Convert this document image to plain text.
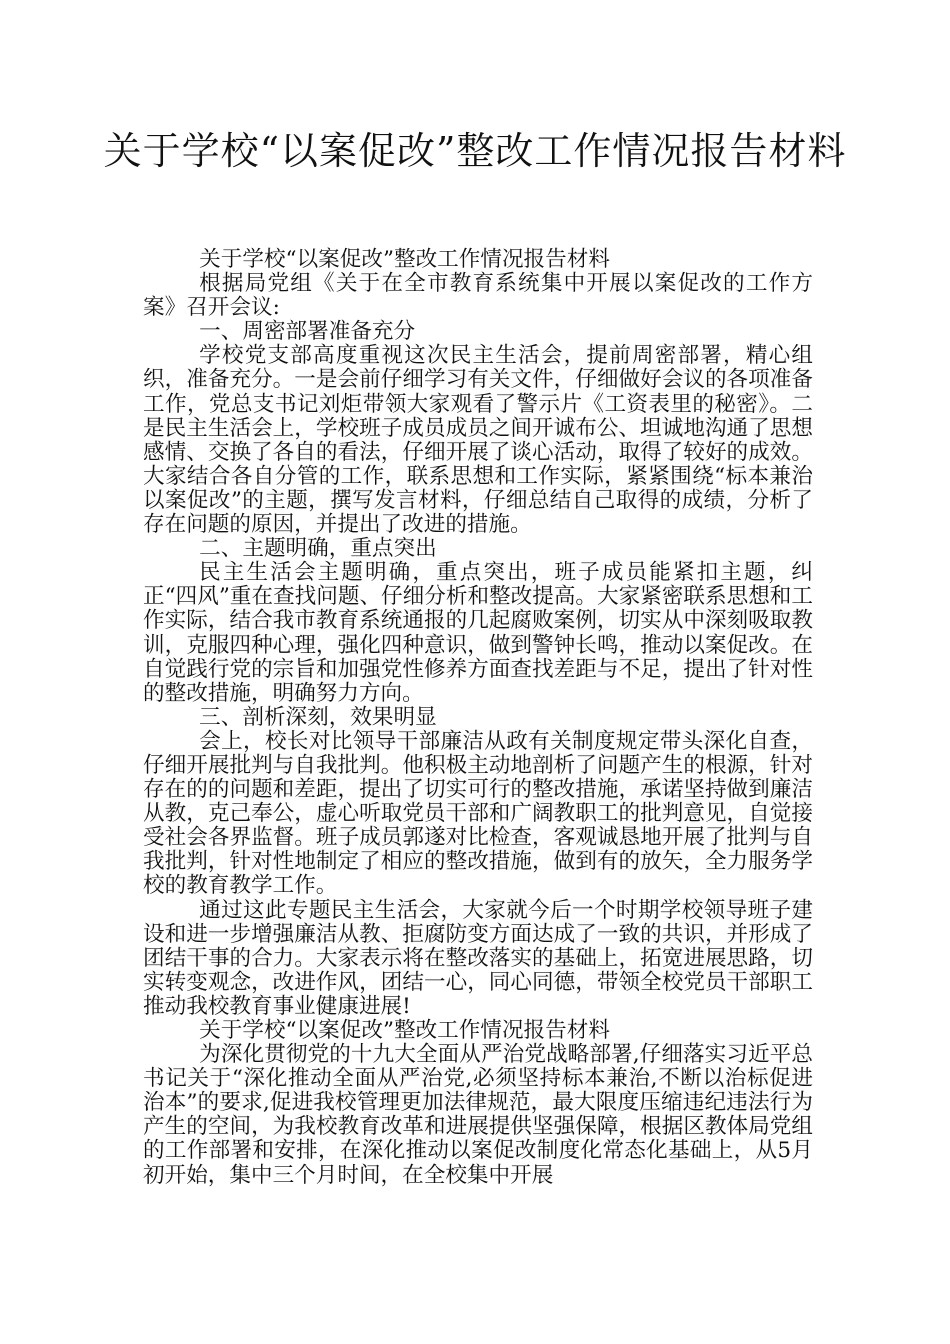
关于学校“以案促改”整改工作情况报告材料

关于学校“以案促改”整改工作情况报告材料

根据局党组《关于在全市教育系统集中开展以案促改的工作方案》召开会议:

一、周密部署准备充分

学校党支部高度重视这次民主生活会，提前周密部署，精心组织，准备充分。一是会前仔细学习有关文件，仔细做好会议的各项准备工作，党总支书记刘炬带领大家观看了警示片《工资表里的秘密》。二是民主生活会上，学校班子成员成员之间开诚布公、坦诚地沟通了思想感情、交换了各自的看法，仔细开展了谈心活动，取得了较好的成效。大家结合各自分管的工作，联系思想和工作实际，紧紧围绕“标本兼治以案促改”的主题，撰写发言材料，仔细总结自己取得的成绩，分析了存在问题的原因，并提出了改进的措施。

二、主题明确，重点突出

民主生活会主题明确，重点突出，班子成员能紧扣主题，纠正“四风”重在查找问题、仔细分析和整改提高。大家紧密联系思想和工作实际，结合我市教育系统通报的几起腐败案例，切实从中深刻吸取教训，克服四种心理，强化四种意识，做到警钟长鸣，推动以案促改。在自觉践行党的宗旨和加强党性修养方面查找差距与不足，提出了针对性的整改措施，明确努力方向。

三、剖析深刻，效果明显

会上，校长对比领导干部廉洁从政有关制度规定带头深化自查，仔细开展批判与自我批判。他积极主动地剖析了问题产生的根源，针对存在的的问题和差距，提出了切实可行的整改措施，承诺坚持做到廉洁从教，克己奉公，虚心听取党员干部和广阔教职工的批判意见，自觉接受社会各界监督。班子成员郭遂对比检查，客观诚恳地开展了批判与自我批判，针对性地制定了相应的整改措施，做到有的放矢，全力服务学校的教育教学工作。

通过这此专题民主生活会，大家就今后一个时期学校领导班子建设和进一步增强廉洁从教、拒腐防变方面达成了一致的共识，并形成了团结干事的合力。大家表示将在整改落实的基础上，拓宽进展思路，切实转变观念，改进作风，团结一心，同心同德，带领全校党员干部职工推动我校教育事业健康进展!

关于学校“以案促改”整改工作情况报告材料

为深化贯彻党的十九大全面从严治党战略部署,仔细落实习近平总书记关于“深化推动全面从严治党,必须坚持标本兼治,不断以治标促进治本”的要求,促进我校管理更加法律规范，最大限度压缩违纪违法行为产生的空间，为我校教育改革和进展提供坚强保障，根据区教体局党组的工作部署和安排，在深化推动以案促改制度化常态化基础上，从5月初开始，集中三个月时间，在全校集中开展
